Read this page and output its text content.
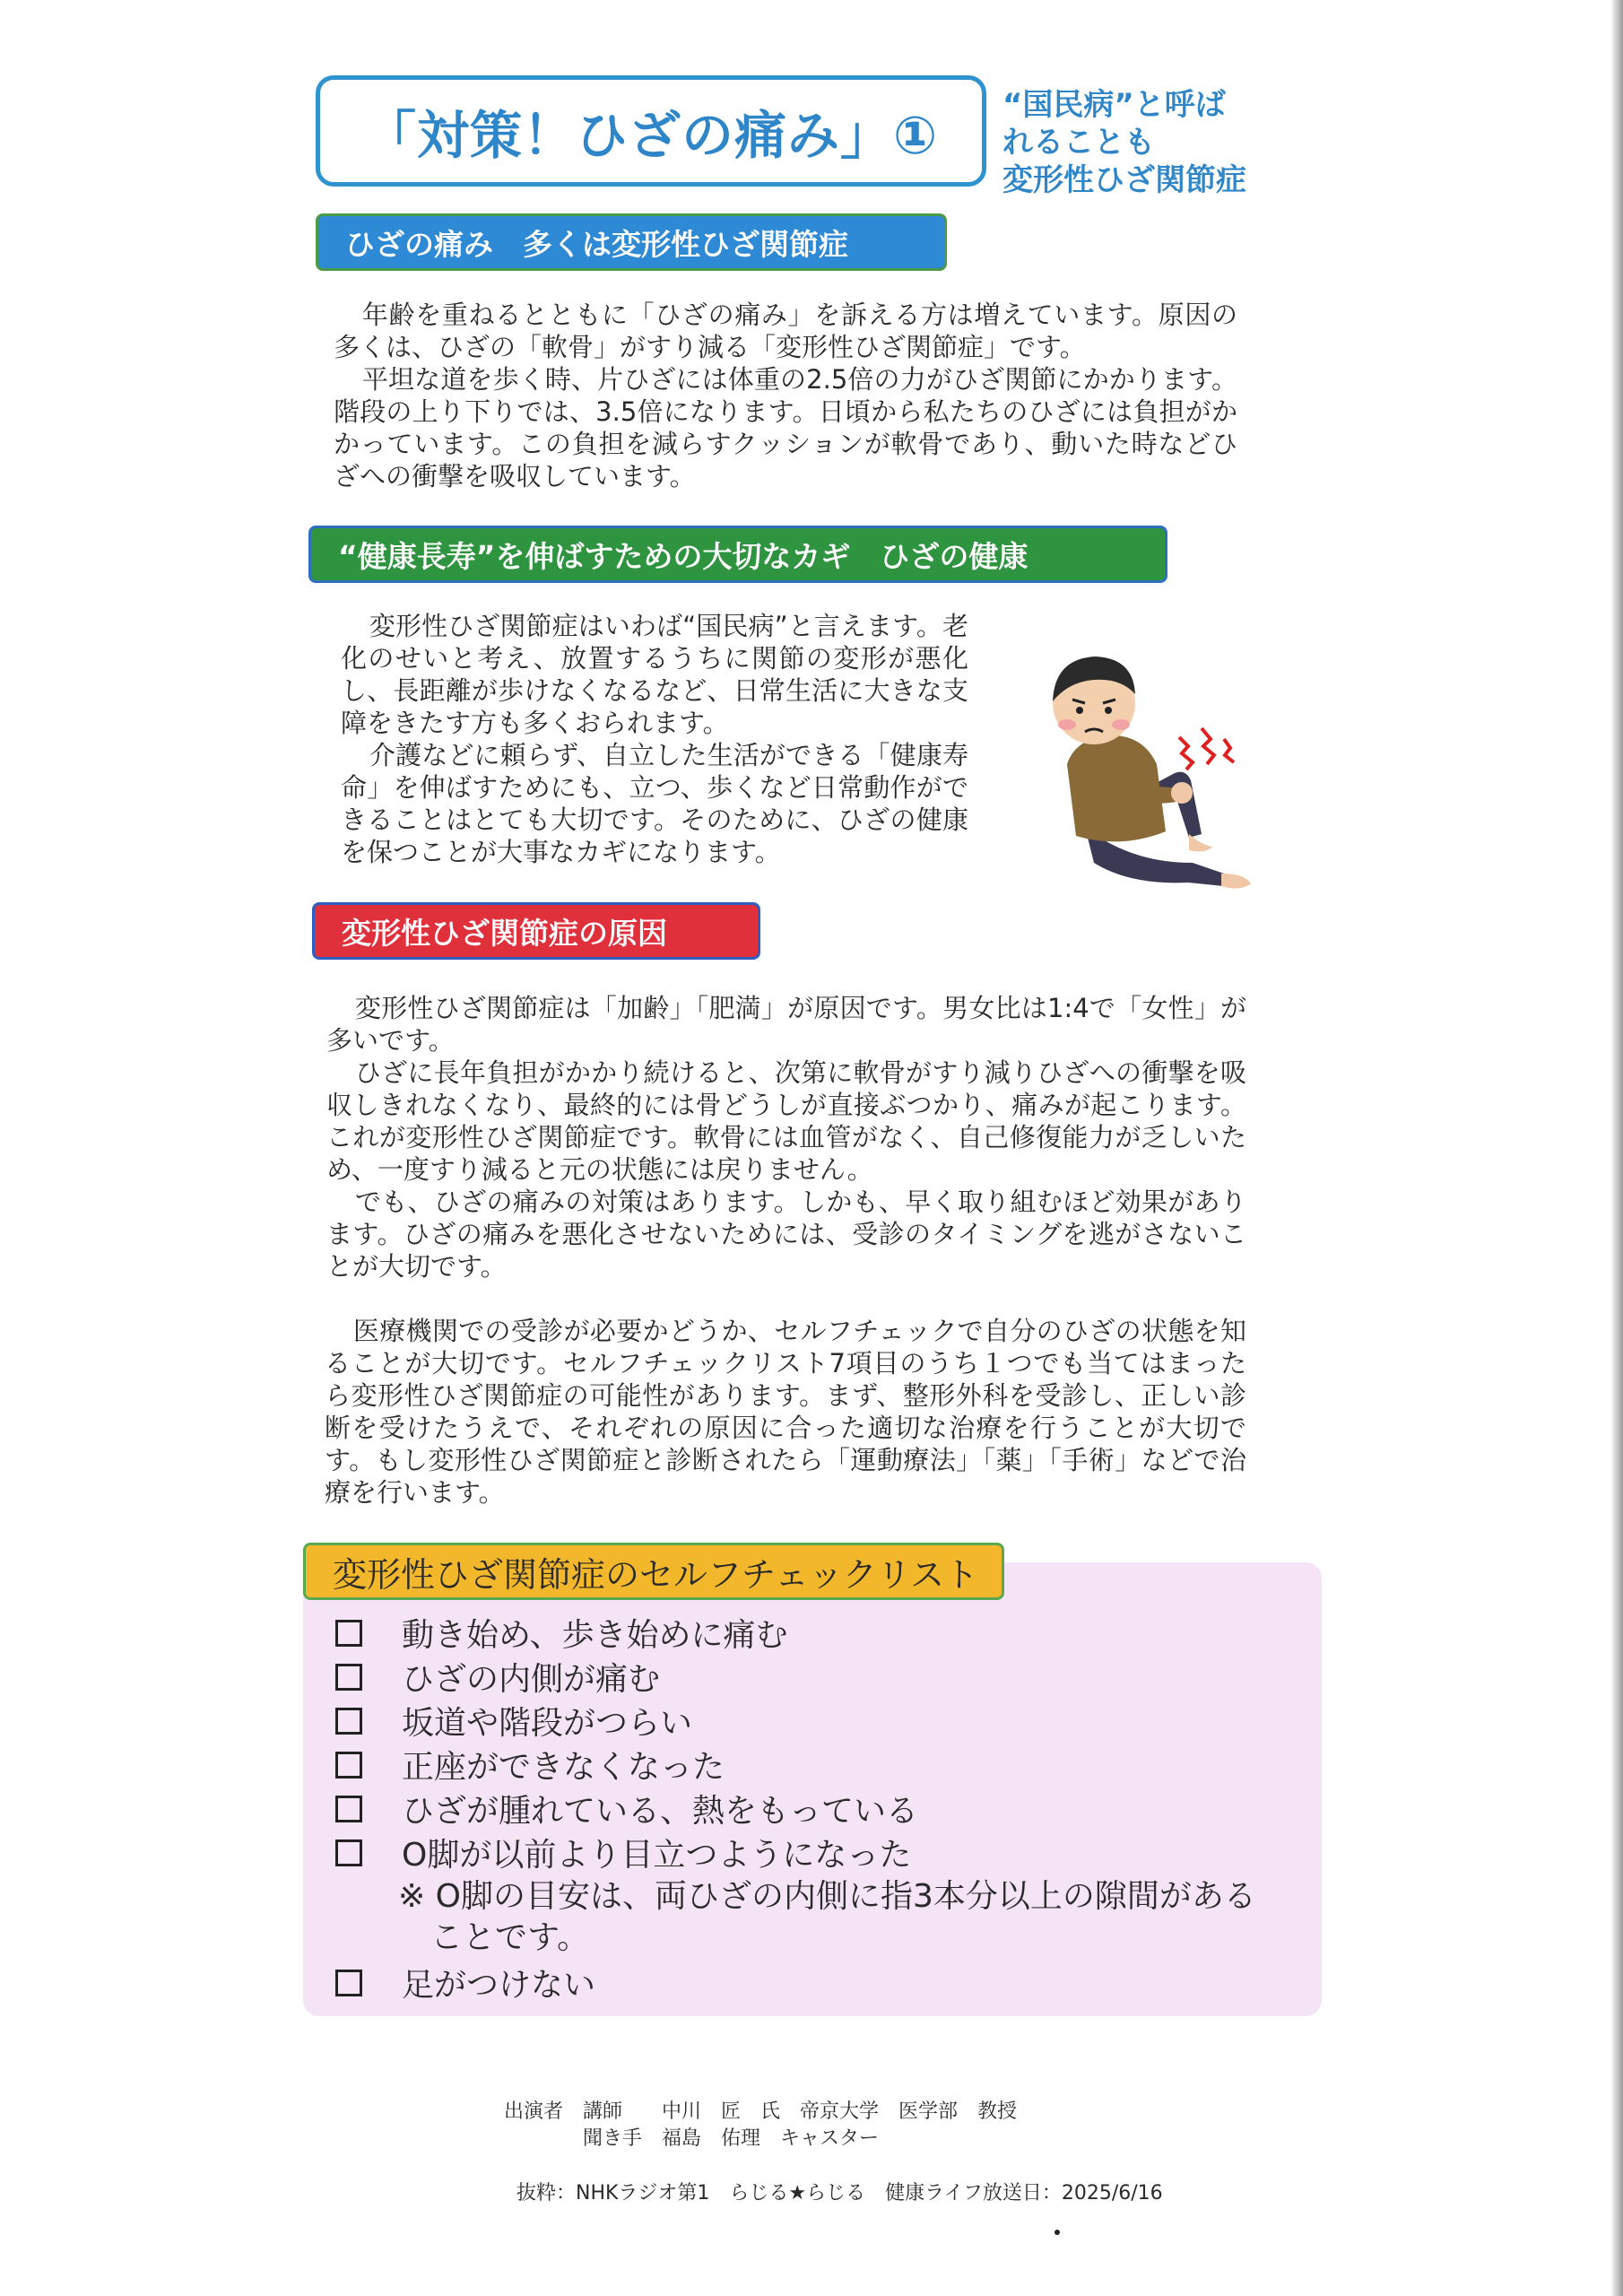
「対策！ひざの痛み」① “国民病”と呼ば
れることも
変形性ひざ関節症
ひざの痛み　多くは変形性ひざ関節症

年齢を重ねるとともに「ひざの痛み」を訴える方は増えています。原因の多くは、ひざの「軟骨」がすり減る「変形性ひざ関節症」です。

平坦な道を歩く時、片ひざには体重の2.5倍の力がひざ関節にかかります。階段の上り下りでは、3.5倍になります。日頃から私たちのひざには負担がかかっています。この負担を減らすクッションが軟骨であり、動いた時などひざへの衝撃を吸収しています。

“健康長寿”を伸ばすための大切なカギ　ひざの健康

変形性ひざ関節症はいわば“国民病”と言えます。老化のせいと考え、放置するうちに関節の変形が悪化し、長距離が歩けなくなるなど、日常生活に大きな支障をきたす方も多くおられます。

介護などに頼らず、自立した生活ができる「健康寿命」を伸ばすためにも、立つ、歩くなど日常動作ができることはとても大切です。そのために、ひざの健康を保つことが大事なカギになります。

変形性ひざ関節症の原因

変形性ひざ関節症は「加齢」「肥満」が原因です。男女比は1:4で「女性」が多いです。

ひざに長年負担がかかり続けると、次第に軟骨がすり減りひざへの衝撃を吸収しきれなくなり、最終的には骨どうしが直接ぶつかり、痛みが起こります。これが変形性ひざ関節症です。軟骨には血管がなく、自己修復能力が乏しいため、一度すり減ると元の状態には戻りません。

でも、ひざの痛みの対策はあります。しかも、早く取り組むほど効果があります。ひざの痛みを悪化させないためには、受診のタイミングを逃がさないことが大切です。

医療機関での受診が必要かどうか、セルフチェックで自分のひざの状態を知ることが大切です。セルフチェックリスト7項目のうち１つでも当てはまったら変形性ひざ関節症の可能性があります。まず、整形外科を受診し、正しい診断を受けたうえで、それぞれの原因に合った適切な治療を行うことが大切です。もし変形性ひざ関節症と診断されたら「運動療法」「薬」「手術」などで治療を行います。

変形性ひざ関節症のセルフチェックリスト
動き始め、歩き始めに痛む
ひざの内側が痛む
坂道や階段がつらい
正座ができなくなった
ひざが腫れている、熱をもっている
O脚が以前より目立つようになった
※ O脚の目安は、両ひざの内側に指3本分以上の隙間がある
ことです。
足がつけない
出演者　講師　　中川　匠　氏　帝京大学　医学部　教授
　　　　聞き手　福島　佑理　キャスター
抜粋：NHKラジオ第1　らじる★らじる　健康ライフ放送日：2025/6/16
